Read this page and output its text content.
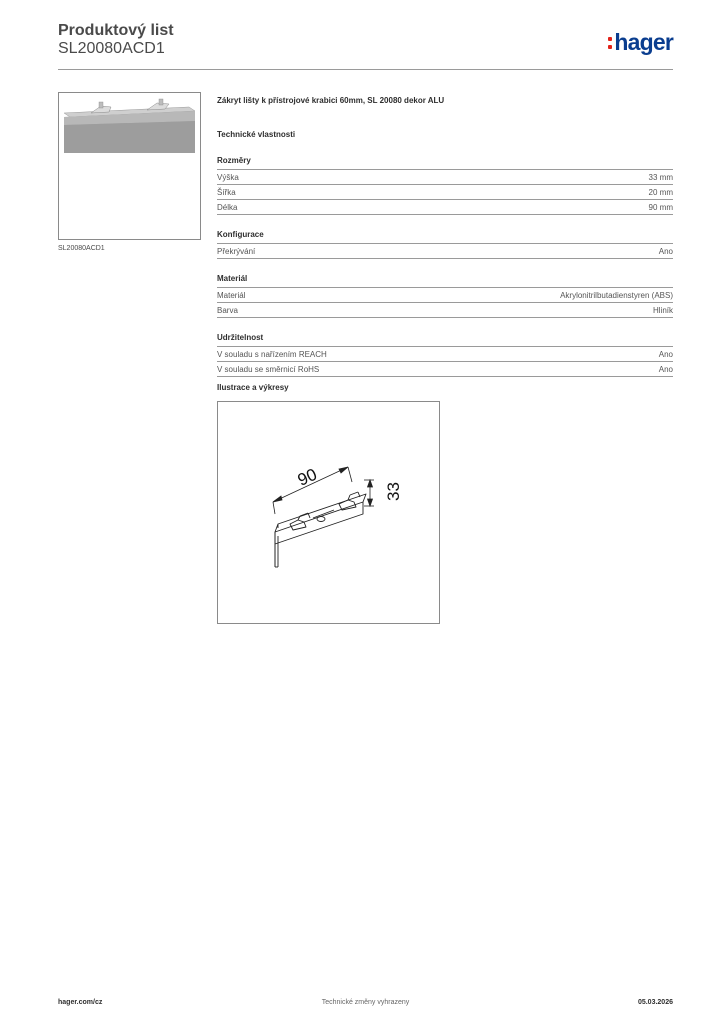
Produktový list
SL20080ACD1	hager
SL20080ACD1
Zákryt lišty k přístrojové krabici 60mm, SL 20080 dekor ALU
Technické vlastnosti
Rozměry
Výška	33 mm
Šířka	20 mm
Délka	90 mm
Konfigurace
Překrývání	Ano
Materiál
Materiál	Akrylonitrilbutadienstyren (ABS)
Barva	Hliník
Udržitelnost
V souladu s nařízením REACH	Ano
V souladu se směrnicí RoHS	Ano
Ilustrace a výkresy
90
33
Technické změny vyhrazeny
hager.com/cz	05.03.2026
